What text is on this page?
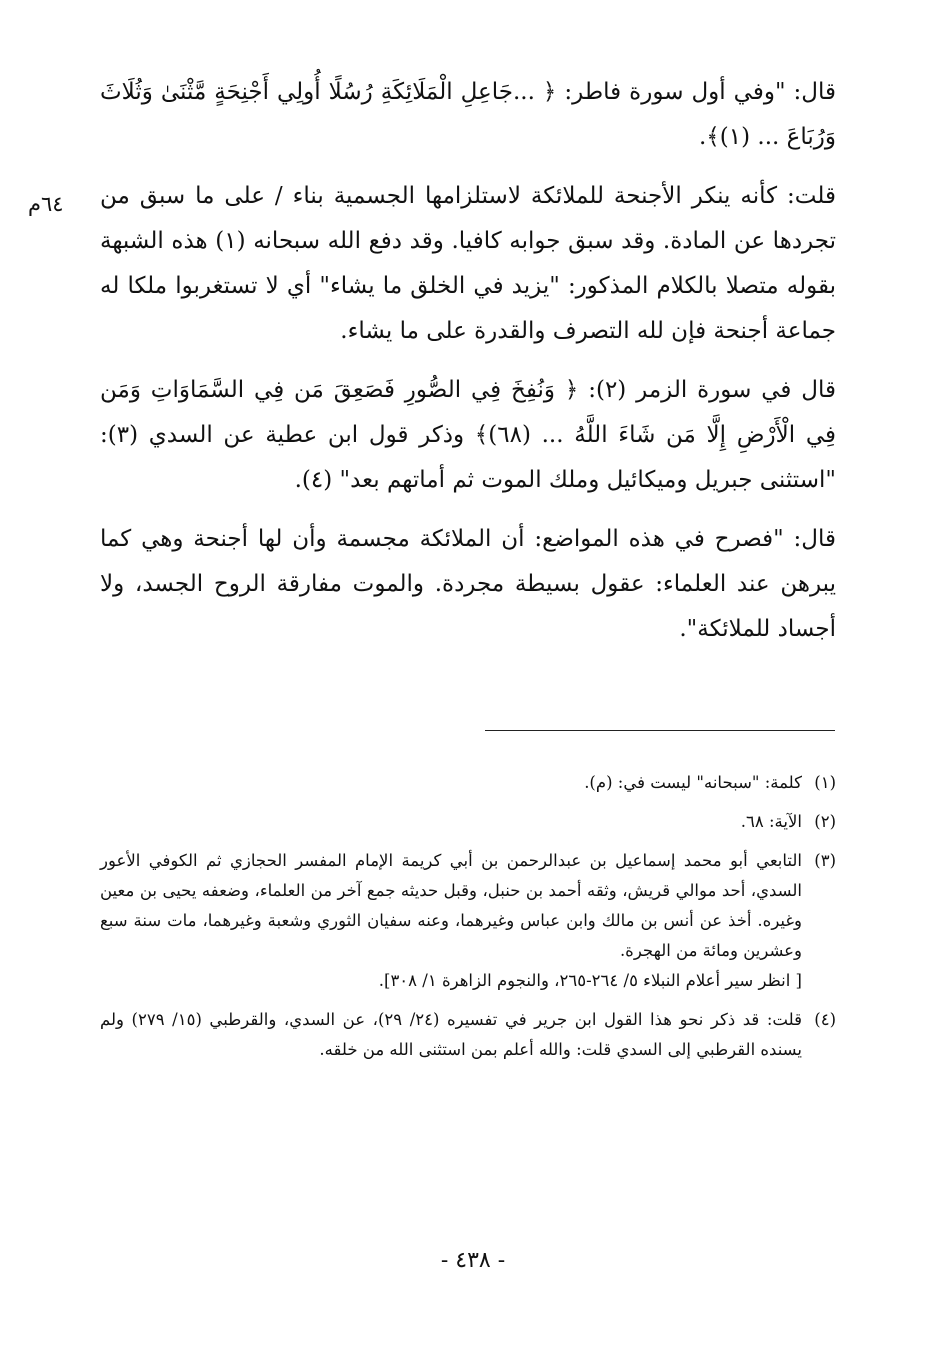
٦٤م

قال: "وفي أول سورة فاطر: ﴿ ...جَاعِلِ الْمَلَائِكَةِ رُسُلًا أُولِي أَجْنِحَةٍ مَّثْنَىٰ وَثُلَاثَ وَرُبَاعَ ... (١)﴾.

قلت: كأنه ينكر الأجنحة للملائكة لاستلزامها الجسمية بناء / على ما سبق من تجردها عن المادة. وقد سبق جوابه كافيا. وقد دفع الله سبحانه (١) هذه الشبهة بقوله متصلا بالكلام المذكور: "يزيد في الخلق ما يشاء" أي لا تستغربوا ملكا له جماعة أجنحة فإن لله التصرف والقدرة على ما يشاء.

قال في سورة الزمر (٢): ﴿ وَنُفِخَ فِي الصُّورِ فَصَعِقَ مَن فِي السَّمَاوَاتِ وَمَن فِي الْأَرْضِ إِلَّا مَن شَاءَ اللَّهُ ... (٦٨)﴾ وذكر قول ابن عطية عن السدي (٣): "استثنى جبريل وميكائيل وملك الموت ثم أماتهم بعد" (٤).

قال: "فصرح في هذه المواضع: أن الملائكة مجسمة وأن لها أجنحة وهي كما يبرهن عند العلماء: عقول بسيطة مجردة. والموت مفارقة الروح الجسد، ولا أجساد للملائكة".

(١)
كلمة: "سبحانه" ليست في: (م).
(٢)
الآية: ٦٨.
(٣)
التابعي أبو محمد إسماعيل بن عبدالرحمن بن أبي كريمة الإمام المفسر الحجازي ثم الكوفي الأعور السدي، أحد موالي قريش، وثقه أحمد بن حنبل، وقبل حديثه جمع آخر من العلماء، وضعفه يحيى بن معين وغيره. أخذ عن أنس بن مالك وابن عباس وغيرهما، وعنه سفيان الثوري وشعبة وغيرهما، مات سنة سبع وعشرين ومائة من الهجرة.
[ انظر سير أعلام النبلاء ٥/ ٢٦٤-٢٦٥، والنجوم الزاهرة ١/ ٣٠٨].
(٤)
قلت: قد ذكر نحو هذا القول ابن جرير في تفسيره (٢٤/ ٢٩)، عن السدي، والقرطبي (١٥/ ٢٧٩) ولم يسنده القرطبي إلى السدي قلت: والله أعلم بمن استثنى الله من خلقه.
- ٤٣٨ -
